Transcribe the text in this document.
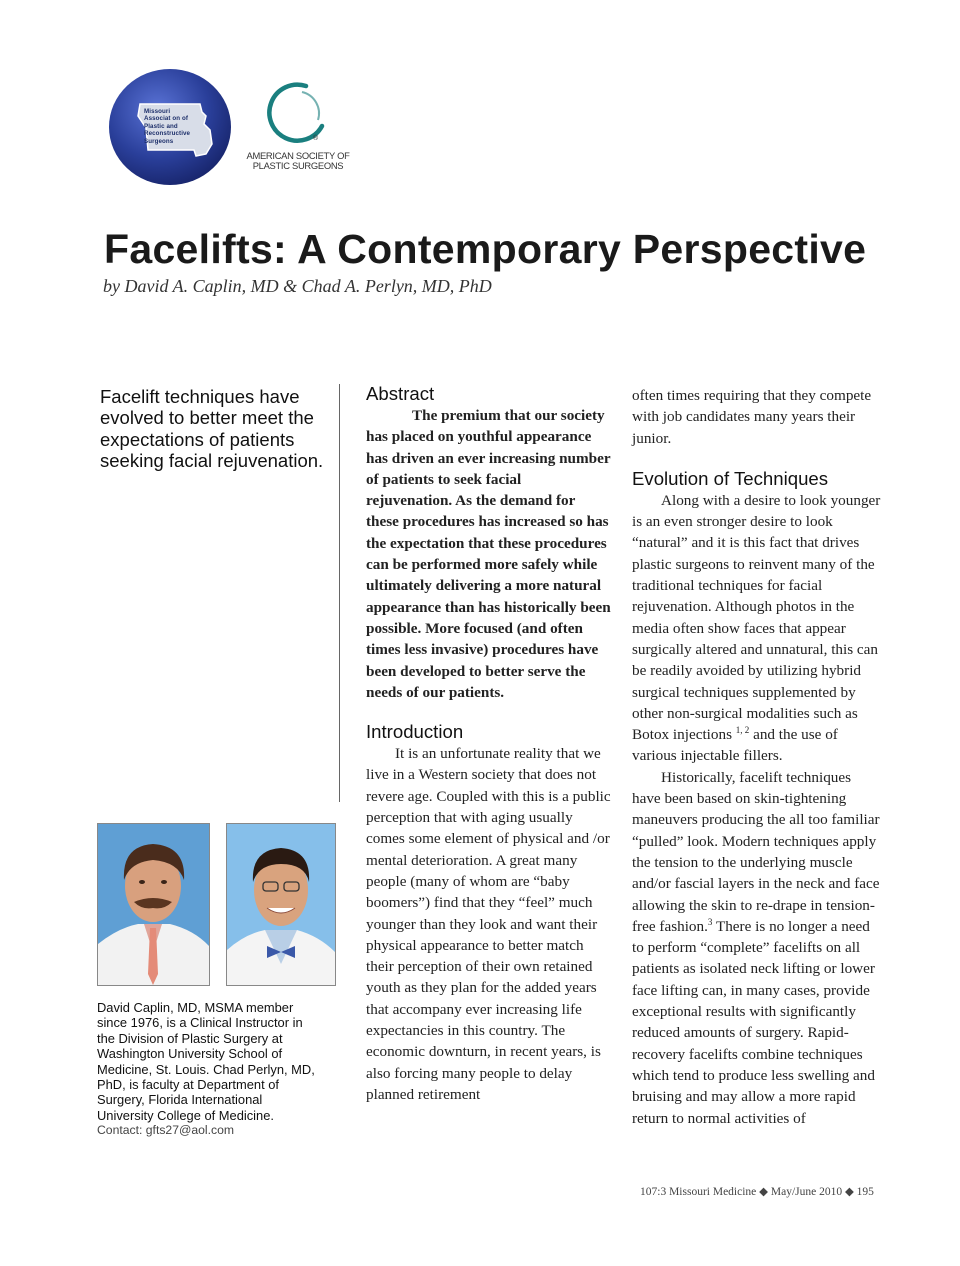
Missouri
Associat on of
Plastic and
Reconstructive
Surgeons	®
AMERICAN SOCIETY OF
PLASTIC SURGEONS
Facelifts: A Contemporary Perspective
by David A. Caplin, MD & Chad A. Perlyn, MD, PhD
Facelift techniques have evolved to better meet the expectations of patients seeking facial rejuvenation.
David Caplin, MD, MSMA member since 1976, is a Clinical Instructor in the Division of Plastic Surgery at Washington University School of Medicine, St. Louis. Chad Perlyn, MD, PhD, is faculty at Department of Surgery, Florida International University College of Medicine.
Contact: gfts27@aol.com
Abstract

The premium that our society has placed on youthful appearance has driven an ever increasing number of patients to seek facial rejuvenation. As the demand for these procedures has increased so has the expectation that these procedures can be performed more safely while ultimately delivering a more natural appearance than has historically been possible. More focused (and often times less invasive) procedures have been developed to better serve the needs of our patients.

Introduction

It is an unfortunate reality that we live in a Western society that does not revere age. Coupled with this is a public perception that with aging usually comes some element of physical and /or mental deterioration. A great many people (many of whom are “baby boomers”) find that they “feel” much younger than they look and want their physical appearance to better match their perception of their own retained youth as they plan for the added years that accompany ever increasing life expectancies in this country. The economic downturn, in recent years, is also forcing many people to delay planned retirement

often times requiring that they compete with job candidates many years their junior.

Evolution of Techniques

Along with a desire to look younger is an even stronger desire to look “natural” and it is this fact that drives plastic surgeons to reinvent many of the traditional techniques for facial rejuvenation. Although photos in the media often show faces that appear surgically altered and unnatural, this can be readily avoided by utilizing hybrid surgical techniques supplemented by other non-surgical modalities such as Botox injections $^{1, 2}$ and the use of various injectable fillers.

Historically, facelift techniques have been based on skin-tightening maneuvers producing the all too familiar “pulled” look. Modern techniques apply the tension to the underlying muscle and/or fascial layers in the neck and face allowing the skin to re-drape in tension-free fashion.$^3$ There is no longer a need to perform “complete” facelifts on all patients as isolated neck lifting or lower face lifting can, in many cases, provide exceptional results with significantly reduced amounts of surgery. Rapid-recovery facelifts combine techniques which tend to produce less swelling and bruising and may allow a more rapid return to normal activities of

107:3 Missouri Medicine ◆ May/June 2010 ◆ 195
